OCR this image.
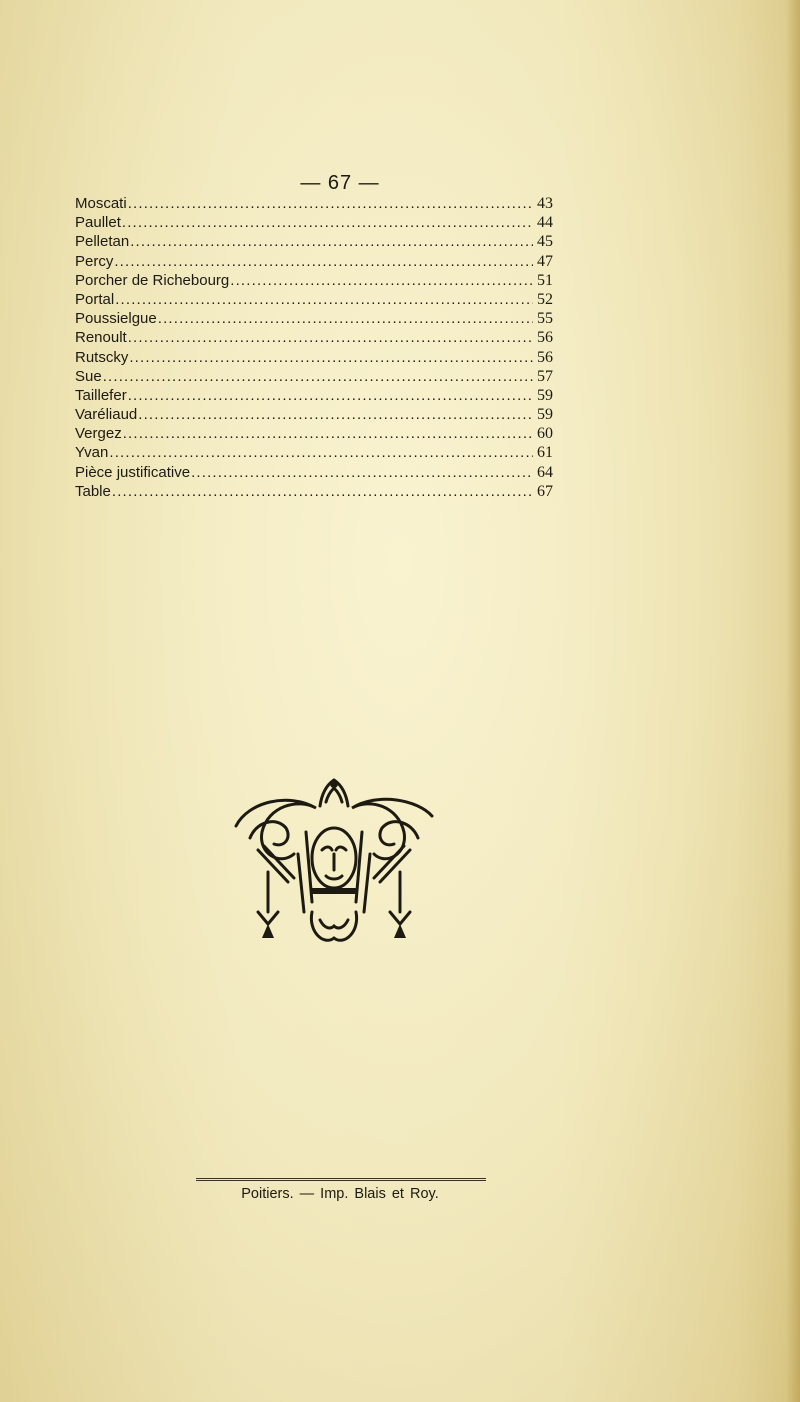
— 67 —
Moscati . . .	43
Paullet . . .	44
Pelletan . . .	45
Percy . . .	47
Porcher de Richebourg . . .	51
Portal . . .	52
Poussielgue . . .	55
Renoult . . .	56
Rutscky . . .	56
Sue . . .	57
Taillefer . . .	59
Varéliaud . . .	59
Vergez . . .	60
Yvan . . .	61
Pièce justificative . . .	64
Table . . .	67
Poitiers. — Imp. Blais et Roy.
